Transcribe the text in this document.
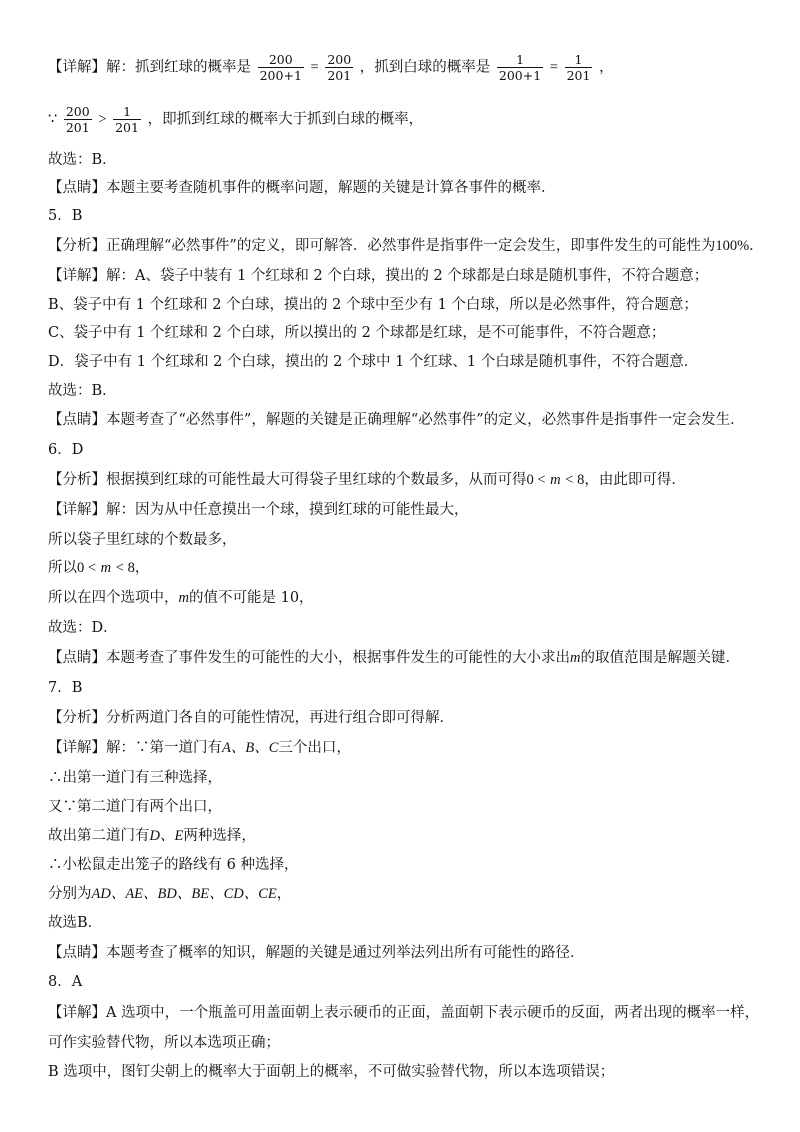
【详解】解：抓到红球的概率是 $\frac{200}{200+1} = \frac{200}{201}$ ，抓到白球的概率是 $\frac{1}{200+1} = \frac{1}{201}$ ，
∵ $\frac{200}{201} > \frac{1}{201}$ ，即抓到红球的概率大于抓到白球的概率，
故选：B．
【点睛】本题主要考查随机事件的概率问题，解题的关键是计算各事件的概率．
5．B
【分析】正确理解“必然事件”的定义，即可解答．必然事件是指事件一定会发生，即事件发生的可能性为100%．
【详解】解：A、袋子中装有 1 个红球和 2 个白球，摸出的 2 个球都是白球是随机事件，不符合题意；
B、袋子中有 1 个红球和 2 个白球，摸出的 2 个球中至少有 1 个白球，所以是必然事件，符合题意；
C、袋子中有 1 个红球和 2 个白球，所以摸出的 2 个球都是红球，是不可能事件，不符合题意；
D．袋子中有 1 个红球和 2 个白球，摸出的 2 个球中 1 个红球、1 个白球是随机事件，不符合题意．
故选：B．
【点睛】本题考查了“必然事件”，解题的关键是正确理解“必然事件”的定义，必然事件是指事件一定会发生．
6．D
【分析】根据摸到红球的可能性最大可得袋子里红球的个数最多，从而可得0 < m < 8，由此即可得．
【详解】解：因为从中任意摸出一个球，摸到红球的可能性最大，
所以袋子里红球的个数最多，
所以0 < m < 8，
所以在四个选项中，m的值不可能是 10，
故选：D．
【点睛】本题考查了事件发生的可能性的大小，根据事件发生的可能性的大小求出m的取值范围是解题关键．
7．B
【分析】分析两道门各自的可能性情况，再进行组合即可得解．
【详解】解：∵第一道门有A、B、C三个出口，
∴出第一道门有三种选择，
又∵第二道门有两个出口，
故出第二道门有D、E两种选择，
∴小松鼠走出笼子的路线有 6 种选择，
分别为AD、AE、BD、BE、CD、CE，
故选B．
【点睛】本题考查了概率的知识，解题的关键是通过列举法列出所有可能性的路径．
8．A
【详解】A 选项中，一个瓶盖可用盖面朝上表示硬币的正面，盖面朝下表示硬币的反面，两者出现的概率一样，
可作实验替代物，所以本选项正确；
B 选项中，图钉尖朝上的概率大于面朝上的概率，不可做实验替代物，所以本选项错误；
